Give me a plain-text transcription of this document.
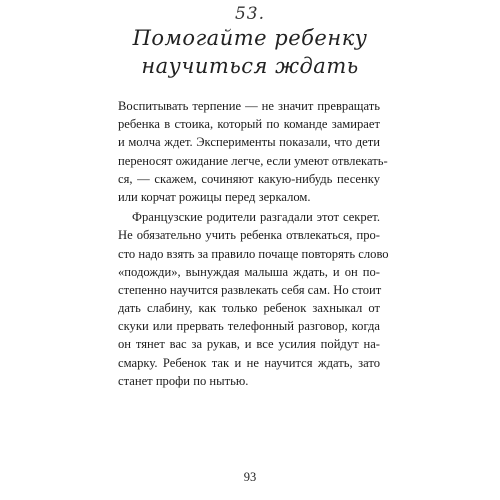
53.
Помогайте ребенку
научиться ждать
Воспитывать терпение — не значит превращать
ребенка в стоика, который по команде замирает
и молча ждет. Эксперименты показали, что дети
переносят ожидание легче, если умеют отвлекать-
ся, — скажем, сочиняют какую-нибудь песенку
или корчат рожицы перед зеркалом.
Французские родители разгадали этот секрет.
Не обязательно учить ребенка отвлекаться, про-
сто надо взять за правило почаще повторять слово
«подожди», вынуждая малыша ждать, и он по-
степенно научится развлекать себя сам. Но стоит
дать слабину, как только ребенок захныкал от
скуки или прервать телефонный разговор, когда
он тянет вас за рукав, и все усилия пойдут на-
смарку. Ребенок так и не научится ждать, зато
станет профи по нытью.
93
